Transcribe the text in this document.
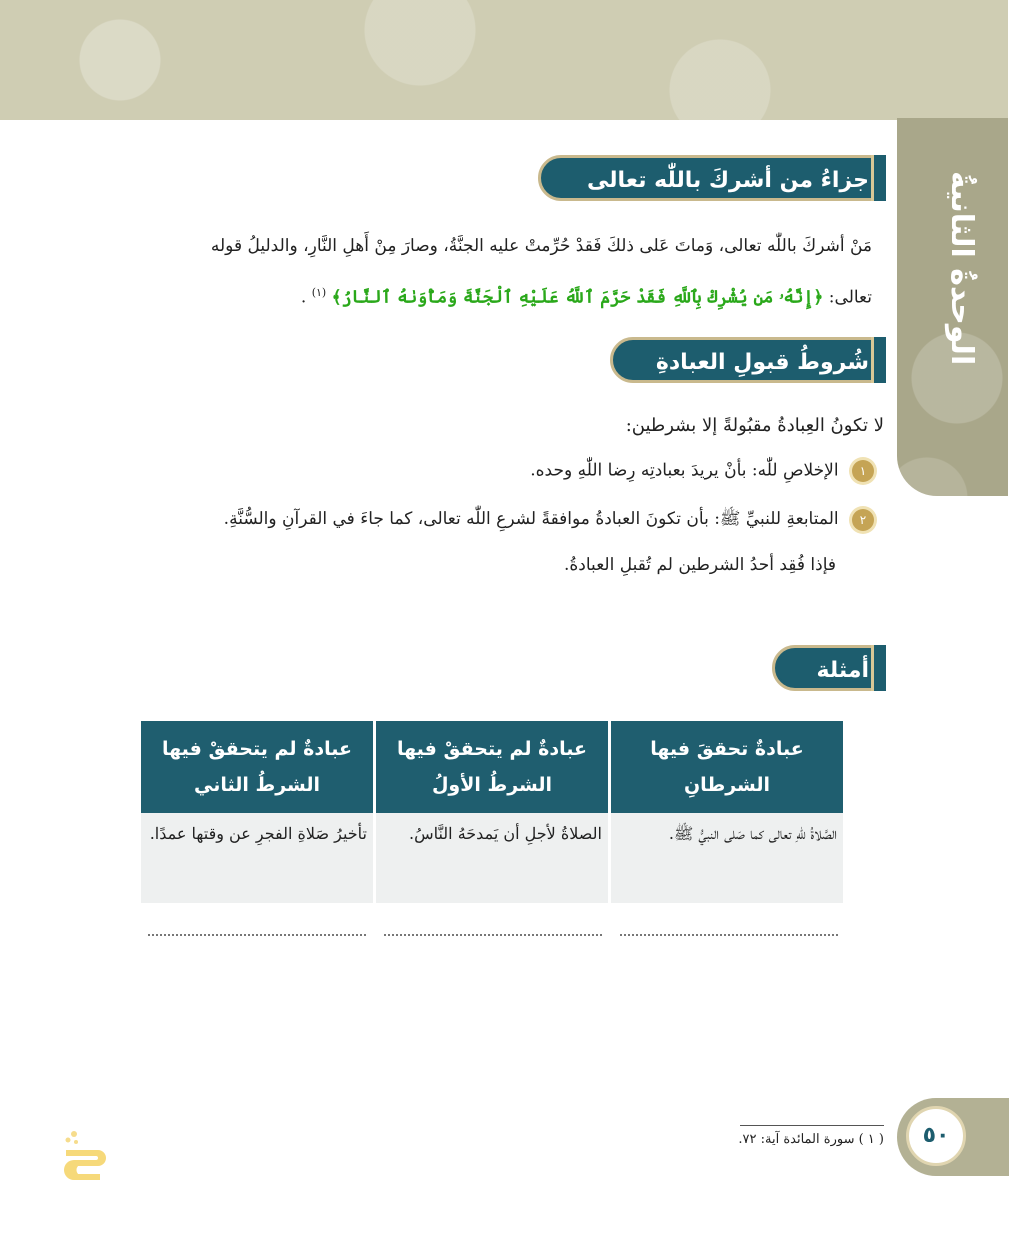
الوحدةُ الثانيةُ
جزاءُ من أشركَ باللّٰه تعالى
مَنْ أشركَ باللّٰه تعالى، وَماتَ عَلى ذلكَ فَقدْ حُرِّمتْ عليه الجنَّةُ، وصارَ مِنْ أَهلِ النَّارِ، والدليلُ قوله
تعالى: ﴿إِنَّهُۥ مَن يُشْرِكْ بِٱللَّهِ فَقَدْ حَرَّمَ ٱللَّهُ عَلَيْهِ ٱلْجَنَّةَ وَمَأْوَىٰهُ ٱلنَّارُ﴾ $^{(١)}$ .
شُروطُ قبولِ العبادةِ
لا تكونُ العِبادةُ مقبُولةً إلا بشرطين:
١ الإخلاصِ للّٰه: بأنْ يريدَ بعبادتِه رِضا اللّٰهِ وحده.
٢ المتابعةِ للنبيِّ ﷺ: بأن تكونَ العبادةُ موافقةً لشرعِ اللّٰه تعالى، كما جاءَ في القرآنِ والسُّنَّةِ.
فإذا فُقِد أحدُ الشرطين لم تُقبلِ العبادةُ.
أمثلة
عبادةٌ تحققَ فيها الشرطانِ	عبادةٌ لم يتحققْ فيها الشرطُ الأولُ	عبادةٌ لم يتحققْ فيها الشرطُ الثاني
الصَّلاةُ للّٰهِ تعالى كما صَلى النبيُّ ﷺ.	الصلاةُ لأجلِ أن يَمدحَهُ النَّاسُ.	تأخيرُ صَلاةِ الفجرِ عن وقتها عمدًا.
( ١ ) سورة المائدة آية: ٧٢.	٥٠
